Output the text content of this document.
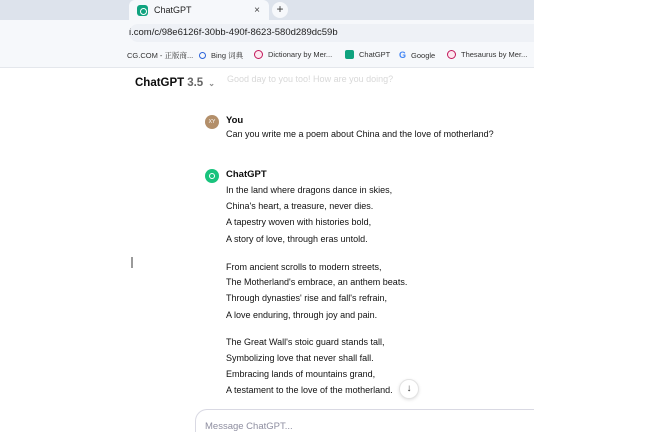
ChatGPT	×	+
i.com/c/98e6126f-30bb-490f-8623-580d289dc59b
CG.COM - 正版商... Bing 词典	Dictionary by Mer...	ChatGPT G Google	Thesaurus by Mer...
Good day to you too! How are you doing?
ChatGPT 3.5 ⌄
XY	You
Can you write me a poem about China and the love of motherland?
ChatGPT
In the land where dragons dance in skies,
China's heart, a treasure, never dies.
A tapestry woven with histories bold,
A story of love, through eras untold.
From ancient scrolls to modern streets,
The Motherland's embrace, an anthem beats.
Through dynasties' rise and fall's refrain,
A love enduring, through joy and pain.
The Great Wall's stoic guard stands tall,
Symbolizing love that never shall fall.
Embracing lands of mountains grand,
A testament to the love of the motherland.	↓
Message ChatGPT...
